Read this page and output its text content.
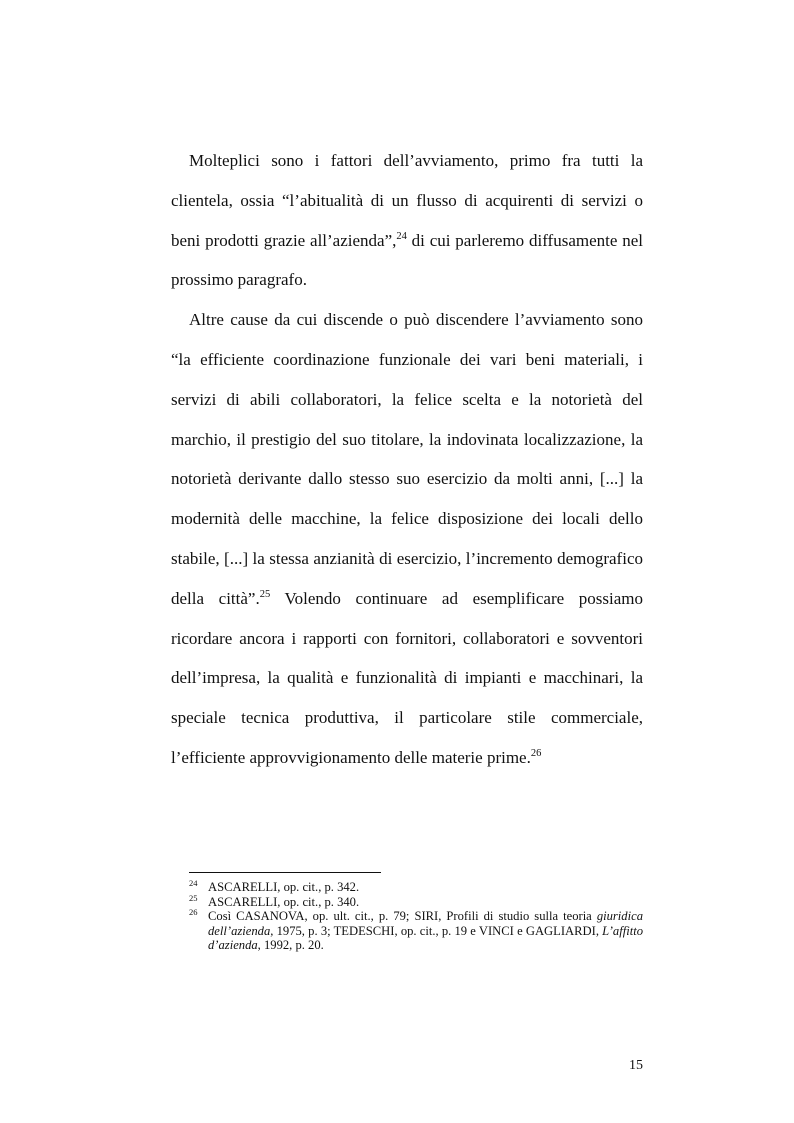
Molteplici sono i fattori dell’avviamento, primo fra tutti la clientela, ossia “l’abitualità di un flusso di acquirenti di servizi o beni prodotti grazie all’azienda”,$^{24}$ di cui parleremo diffusamente nel prossimo paragrafo.

Altre cause da cui discende o può discendere l’avviamento sono “la efficiente coordinazione funzionale dei vari beni materiali, i servizi di abili collaboratori, la felice scelta e la notorietà del marchio, il prestigio del suo titolare, la indovinata localizzazione, la notorietà derivante dallo stesso suo esercizio da molti anni, [...] la modernità delle macchine, la felice disposizione dei locali dello stabile, [...] la stessa anzianità di esercizio, l’incremento demografico della città”.$^{25}$ Volendo continuare ad esemplificare possiamo ricordare ancora i rapporti con fornitori, collaboratori e sovventori dell’impresa, la qualità e funzionalità di impianti e macchinari, la speciale tecnica produttiva, il particolare stile commerciale, l’efficiente approvvigionamento delle materie prime.$^{26}$

24 ASCARELLI, op. cit., p. 342.
25 ASCARELLI, op. cit., p. 340.
26 Così CASANOVA, op. ult. cit., p. 79; SIRI, Profili di studio sulla teoria giuridica dell’azienda, 1975, p. 3; TEDESCHI, op. cit., p. 19 e VINCI e GAGLIARDI, L’affitto d’azienda, 1992, p. 20.
15
